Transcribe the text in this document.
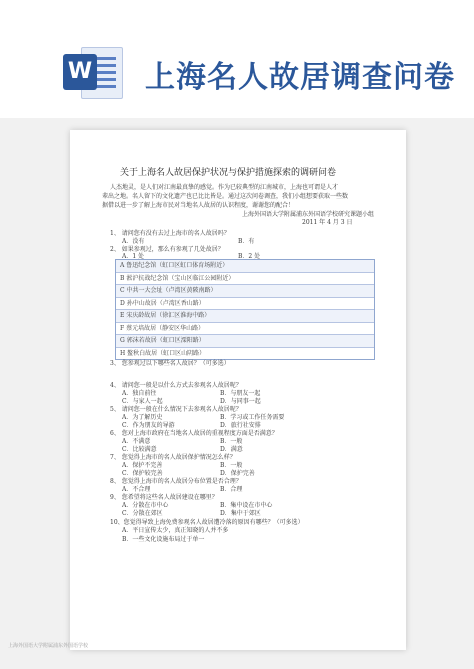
W 上海名人故居调查问卷
关于上海名人故居保护状况与保护措施探索的调研问卷
人杰地灵，是人们对江南最真挚的感觉。作为已较典型的江南城市，上海也可谓是人才
辈出之地。名人留下的文化遗产也已比比皆是。通过这次问卷调查，我们小组想要获取一些数
据借以进一步了解上海市民对当地名人故居的认识程度，谢谢您的配合！
上海外国语大学附属浦东外国语学校研究课题小组
2011 年 4 月 3 日
1、 请问您有没有去过上海市的名人故居吗？
A．没有	B．有
2、 如果参观过，那么有参观了几处故居？
A．1 处	B．2 处
A 鲁迅纪念馆（虹口区虹口体育场附近）
B 淞沪抗战纪念馆（宝山区临江公园附近）
C 中共一大会址（卢湾区黄陂南路）
D 孙中山故居（卢湾区香山路）
E 宋庆龄故居（徐汇区淮海中路）
F 蔡元培故居（静安区华山路）
G 郭沫若故居（虹口区溧阳路）
H 鳌秋白故居（虹口区山阴路）
3、 您参观过以下哪些名人故居？（可多选）
4、 请问您一般是以什么方式去参观名人故居呢？
A．独自前往	B．与朋友一起
C．与家人一起	D．与同事一起
5、 请问您一般在什么情况下去参观名人故居呢？
A．为了解历史	B．学习或工作任务需要
C．作为朋友的导游	D．旅行社安排
6、 您对上海市政府在当地名人故居的重视程度方面是否满意？
A．不满意	B．一般
C．比较满意	D．满意
7、 您觉得上海市的名人故居保护情况怎么样？
A．保护不完善	B．一般
C．保护较完善	D．保护完善
8、 您觉得上海市的名人故居分布位置是否合理？
A．不合理	B．合理
9、 您希望将这些名人故居建设在哪里？
A．分散在市中心	B．集中设在市中心
C．分散在郊区	D．集中于郊区
10、您觉得导致上海免费参观名人故居遭冷落的原因有哪些？（可多选）
A．平日宣传太少，真正知晓的人并不多
B．一些文化设施布局过于单一
上海外国语大学附属浦东外国语学校
